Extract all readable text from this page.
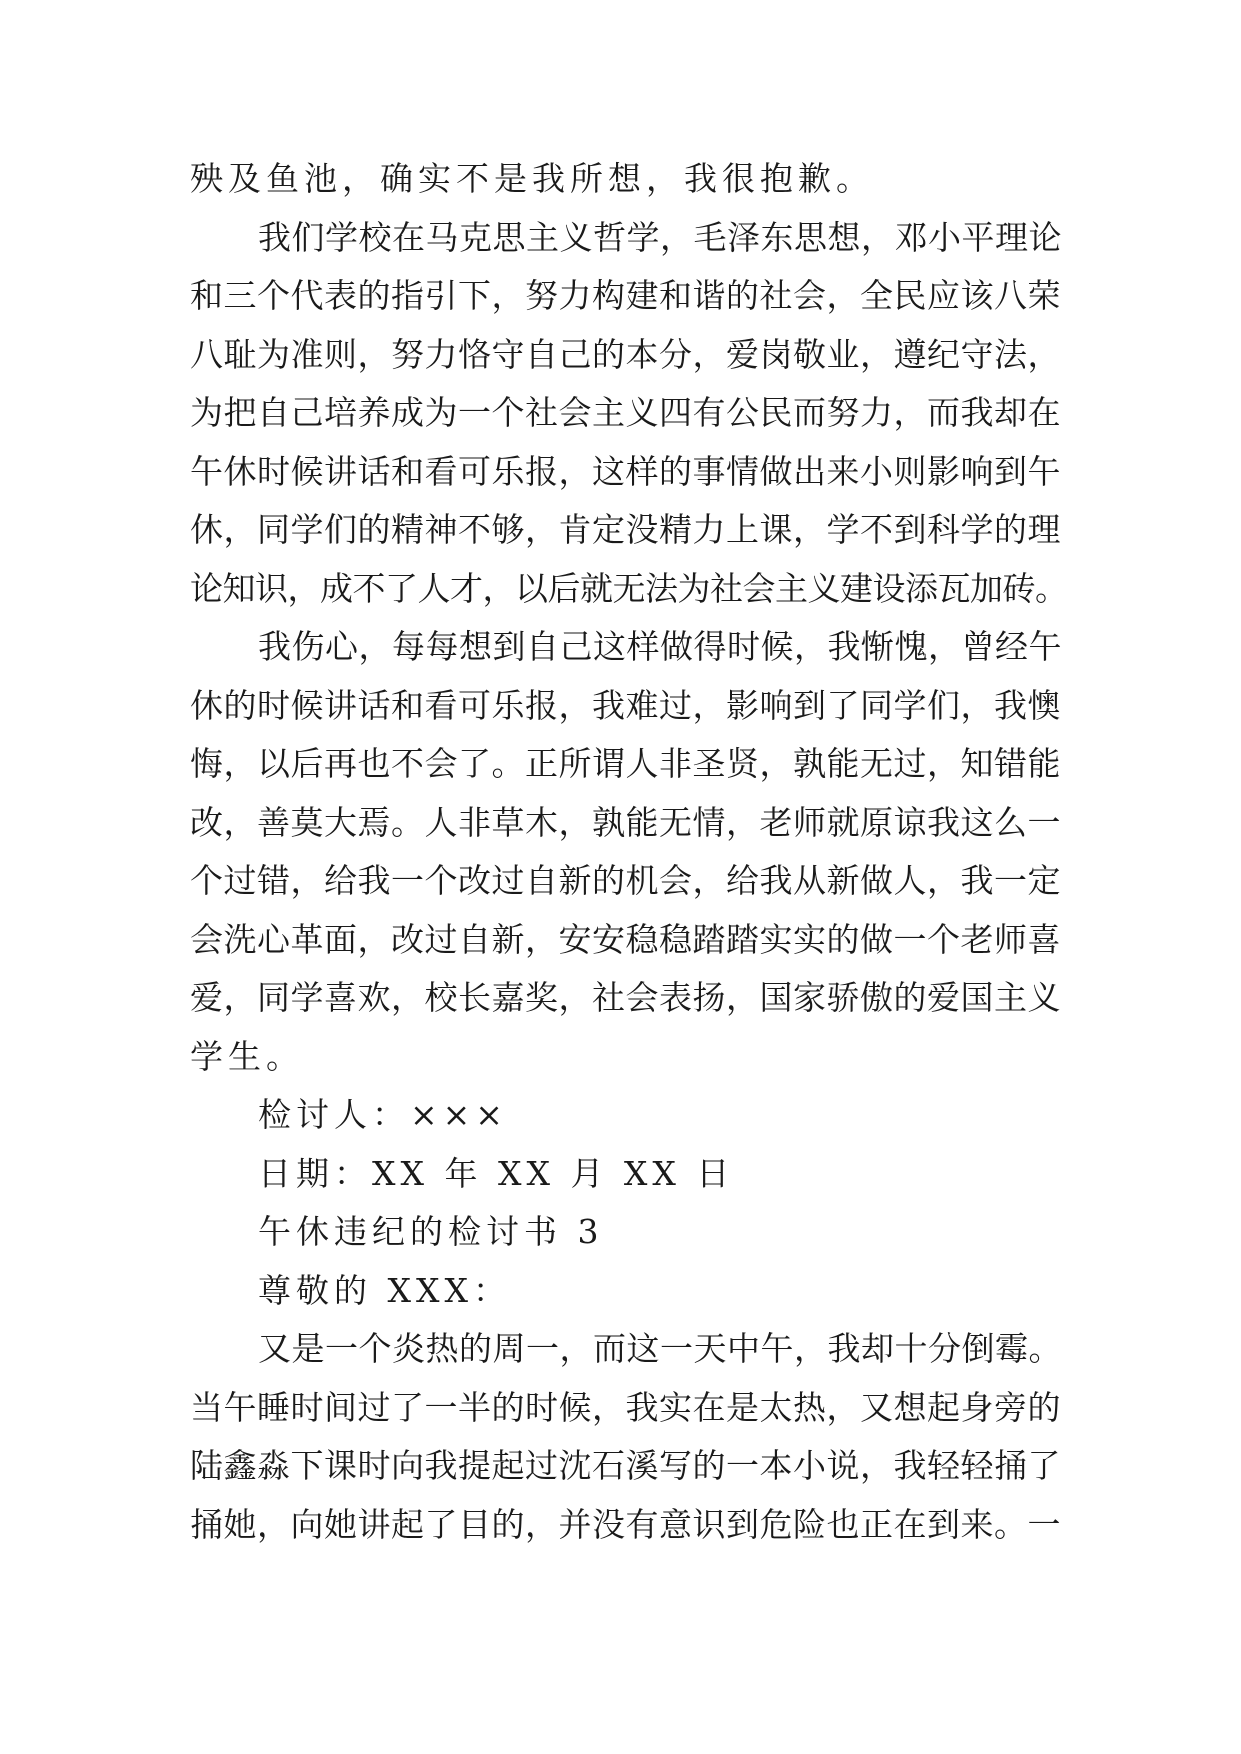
殃及鱼池，确实不是我所想，我很抱歉。
我们学校在马克思主义哲学，毛泽东思想，邓小平理论
和三个代表的指引下，努力构建和谐的社会，全民应该八荣
八耻为准则，努力恪守自己的本分，爱岗敬业，遵纪守法，
为把自己培养成为一个社会主义四有公民而努力，而我却在
午休时候讲话和看可乐报，这样的事情做出来小则影响到午
休，同学们的精神不够，肯定没精力上课，学不到科学的理
论知识，成不了人才，以后就无法为社会主义建设添瓦加砖。
我伤心，每每想到自己这样做得时候，我惭愧，曾经午
休的时候讲话和看可乐报，我难过，影响到了同学们，我懊
悔，以后再也不会了。正所谓人非圣贤，孰能无过，知错能
改，善莫大焉。人非草木，孰能无情，老师就原谅我这么一
个过错，给我一个改过自新的机会，给我从新做人，我一定
会洗心革面，改过自新，安安稳稳踏踏实实的做一个老师喜
爱，同学喜欢，校长嘉奖，社会表扬，国家骄傲的爱国主义
学生。
检讨人：×××
日期：XX 年 XX 月 XX 日
午休违纪的检讨书 3
尊敬的 XXX：
又是一个炎热的周一，而这一天中午，我却十分倒霉。
当午睡时间过了一半的时候，我实在是太热，又想起身旁的
陆鑫淼下课时向我提起过沈石溪写的一本小说，我轻轻捅了
捅她，向她讲起了目的，并没有意识到危险也正在到来。一
